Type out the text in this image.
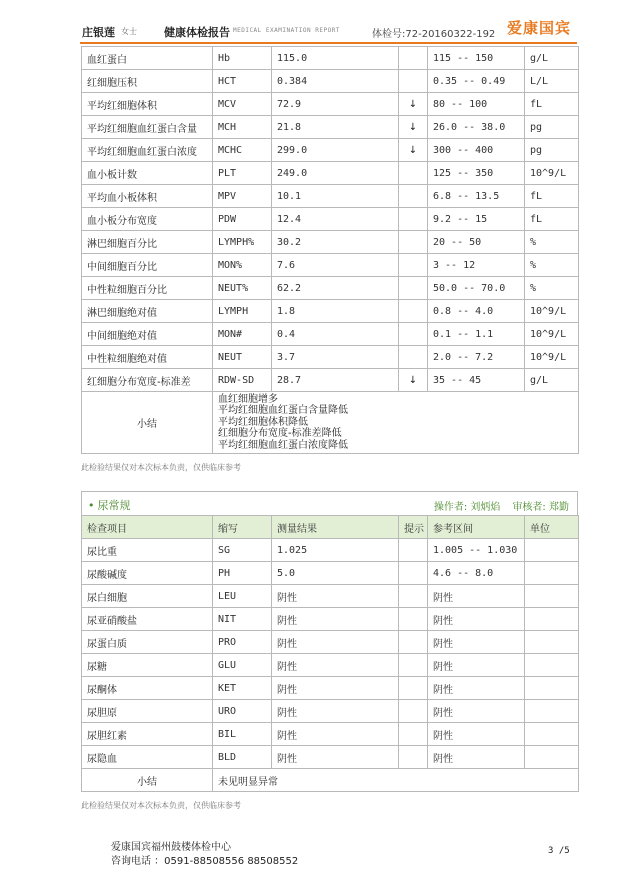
庄银莲 女士 健康体检报告 MEDICAL EXAMINATION REPORT	体检号:72-20160322-192 爱康国宾
血红蛋白	Hb	115.0		115 -- 150	g/L
红细胞压积	HCT	0.384		0.35 -- 0.49	L/L
平均红细胞体积	MCV	72.9	↓	80 -- 100	fL
平均红细胞血红蛋白含量	MCH	21.8	↓	26.0 -- 38.0	pg
平均红细胞血红蛋白浓度	MCHC	299.0	↓	300 -- 400	pg
血小板计数	PLT	249.0		125 -- 350	10^9/L
平均血小板体积	MPV	10.1		6.8 -- 13.5	fL
血小板分布宽度	PDW	12.4		9.2 -- 15	fL
淋巴细胞百分比	LYMPH%	30.2		20 -- 50	%
中间细胞百分比	MON%	7.6		3 -- 12	%
中性粒细胞百分比	NEUT%	62.2		50.0 -- 70.0	%
淋巴细胞绝对值	LYMPH	1.8		0.8 -- 4.0	10^9/L
中间细胞绝对值	MON#	0.4		0.1 -- 1.1	10^9/L
中性粒细胞绝对值	NEUT	3.7		2.0 -- 7.2	10^9/L
红细胞分布宽度-标准差	RDW-SD	28.7	↓	35 -- 45	g/L
小结	血红细胞增多
平均红细胞血红蛋白含量降低
平均红细胞体积降低
红细胞分布宽度-标准差降低
平均红细胞血红蛋白浓度降低				
此检验结果仅对本次标本负责，仅供临床参考
• 尿常规	操作者: 刘炳焰 审核者: 郑勤
检查项目	缩写	测量结果	提示	参考区间	单位
尿比重	SG	1.025		1.005 -- 1.030	
尿酸碱度	PH	5.0		4.6 -- 8.0	
尿白细胞	LEU	阴性		阴性	
尿亚硝酸盐	NIT	阴性		阴性	
尿蛋白质	PRO	阴性		阴性	
尿糖	GLU	阴性		阴性	
尿酮体	KET	阴性		阴性	
尿胆原	URO	阴性		阴性	
尿胆红素	BIL	阴性		阴性	
尿隐血	BLD	阴性		阴性	
小结	未见明显异常				
此检验结果仅对本次标本负责，仅供临床参考
爱康国宾福州鼓楼体检中心
咨询电话 ：0591-88508556 88508552
3 /5
